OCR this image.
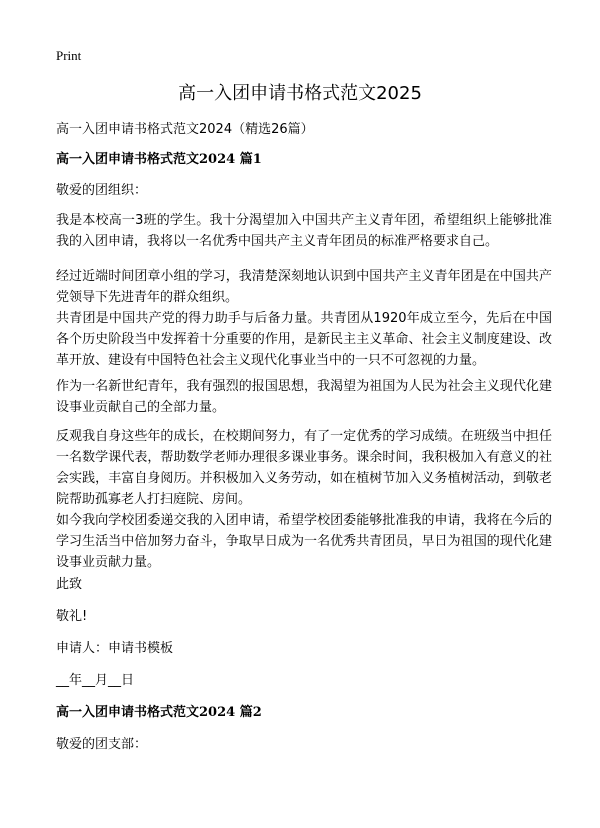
Print
高一入团申请书格式范文2025
高一入团申请书格式范文2024（精选26篇）
高一入团申请书格式范文2024 篇1
敬爱的团组织：
我是本校高一3班的学生。我十分渴望加入中国共产主义青年团，希望组织上能够批准我的入团申请，我将以一名优秀中国共产主义青年团员的标准严格要求自己。
经过近端时间团章小组的学习，我清楚深刻地认识到中国共产主义青年团是在中国共产党领导下先进青年的群众组织。
共青团是中国共产党的得力助手与后备力量。共青团从1920年成立至今，先后在中国各个历史阶段当中发挥着十分重要的作用，是新民主主义革命、社会主义制度建设、改革开放、建设有中国特色社会主义现代化事业当中的一只不可忽视的力量。
作为一名新世纪青年，我有强烈的报国思想，我渴望为祖国为人民为社会主义现代化建设事业贡献自己的全部力量。
反观我自身这些年的成长，在校期间努力，有了一定优秀的学习成绩。在班级当中担任一名数学课代表，帮助数学老师办理很多课业事务。课余时间，我积极加入有意义的社会实践，丰富自身阅历。并积极加入义务劳动，如在植树节加入义务植树活动，到敬老院帮助孤寡老人打扫庭院、房间。
如今我向学校团委递交我的入团申请，希望学校团委能够批准我的申请，我将在今后的学习生活当中倍加努力奋斗，争取早日成为一名优秀共青团员，早日为祖国的现代化建设事业贡献力量。
此致
敬礼!
申请人：申请书模板
__年__月__日
高一入团申请书格式范文2024 篇2
敬爱的团支部：
